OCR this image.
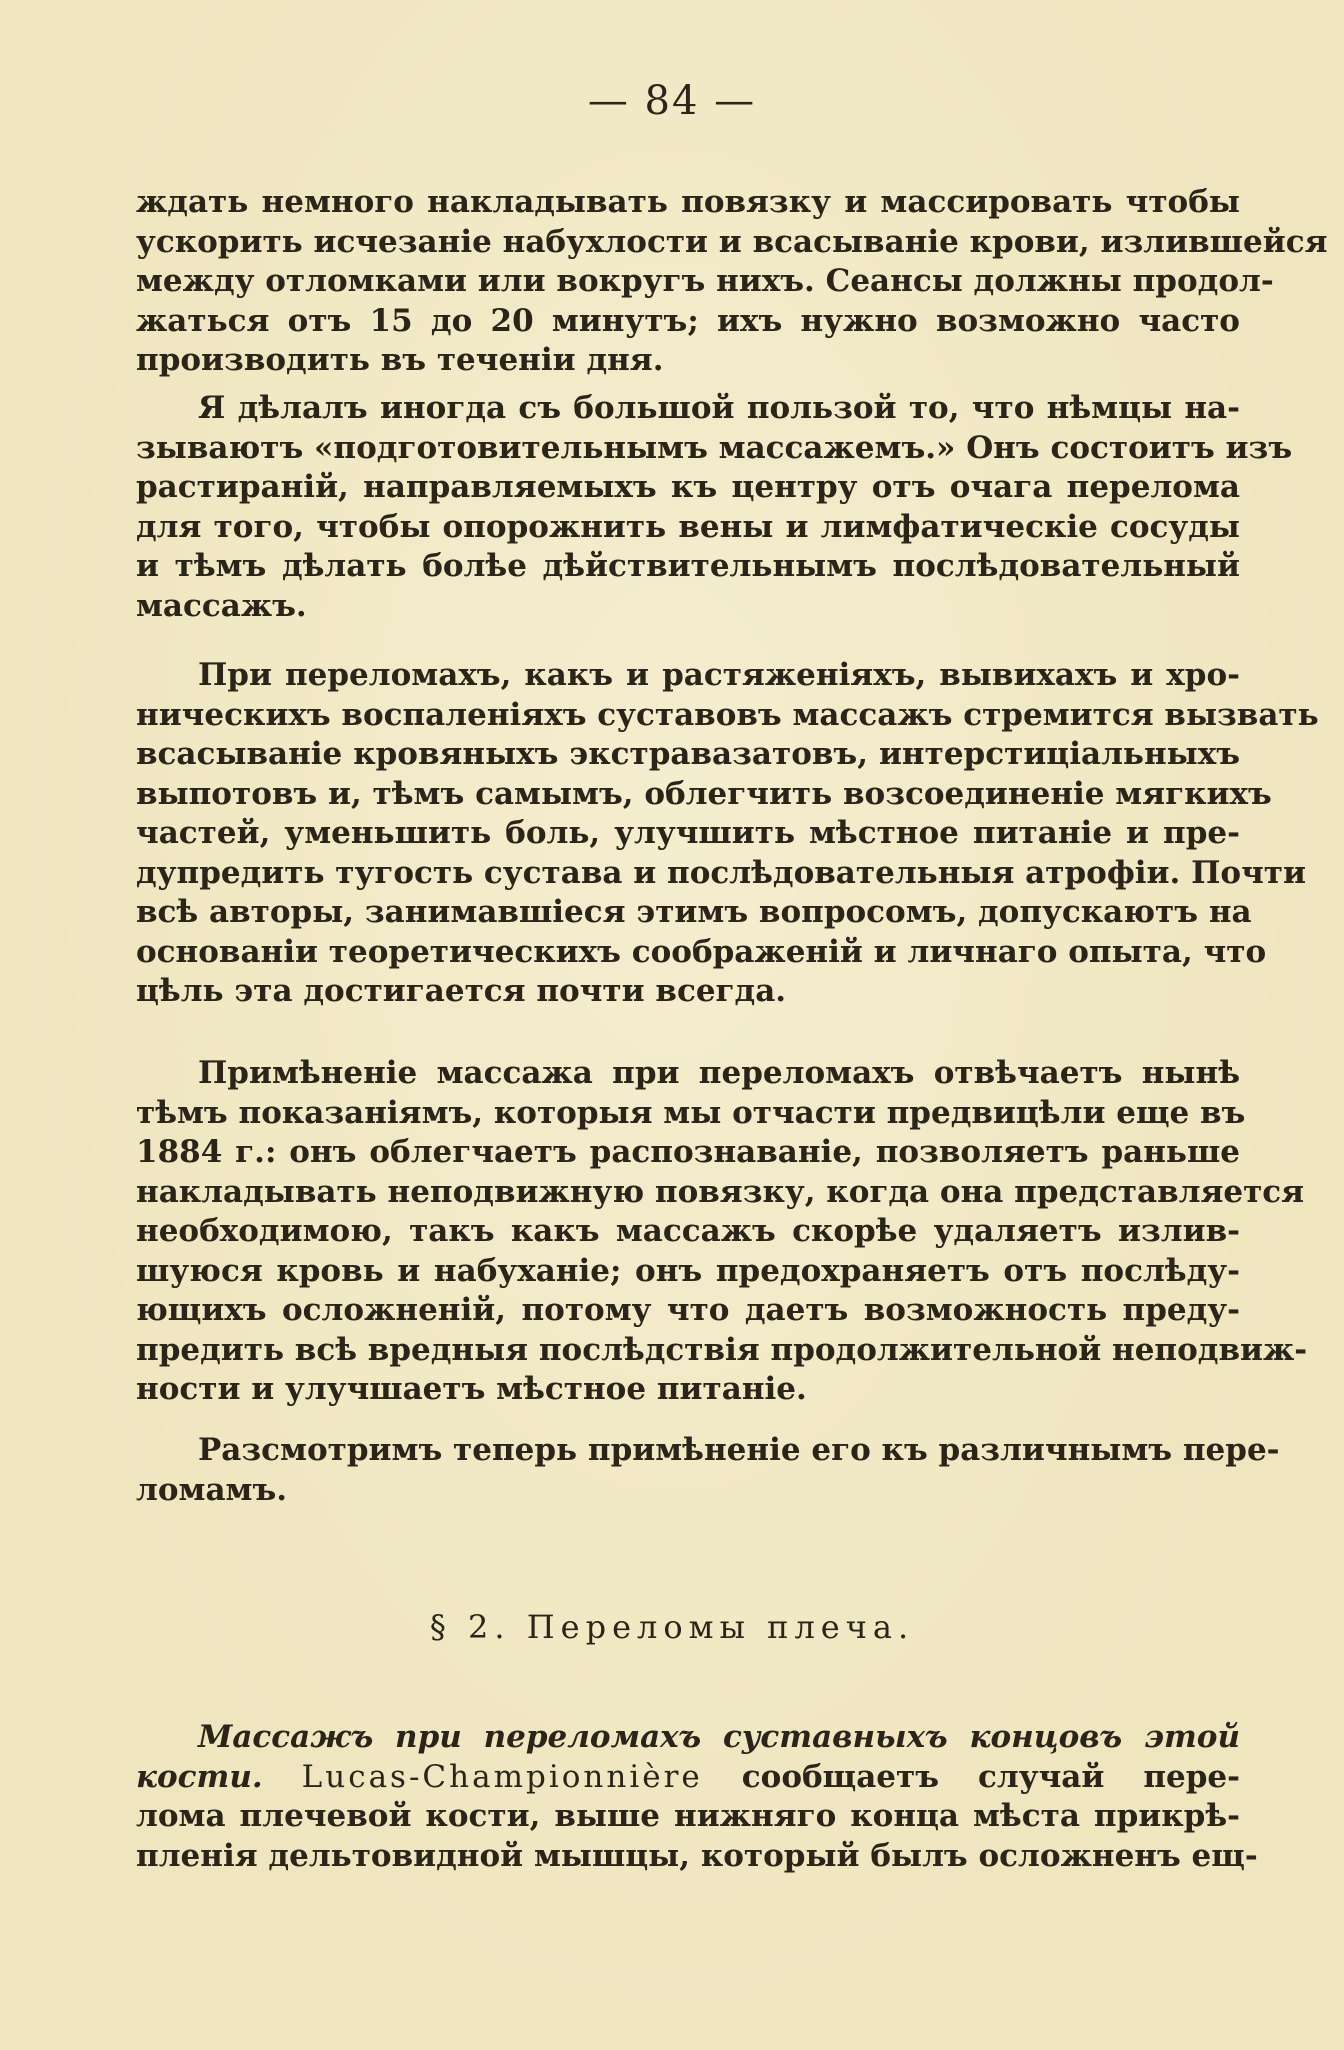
— 84 —
ждать немного накладывать повязку и массировать чтобы
ускорить исчезаніе набухлости и всасываніе крови, излившейся
между отломками или вокругъ нихъ. Сеансы должны продол-
жаться отъ 15 до 20 минутъ; ихъ нужно возможно часто
производить въ теченіи дня.
Я дѣлалъ иногда съ большой пользой то, что нѣмцы на-
зываютъ «подготовительнымъ массажемъ.» Онъ состоитъ изъ
растираній, направляемыхъ къ центру отъ очага перелома
для того, чтобы опорожнить вены и лимфатическіе сосуды
и тѣмъ дѣлать болѣе дѣйствительнымъ послѣдовательный
массажъ.
При переломахъ, какъ и растяженіяхъ, вывихахъ и хро-
ническихъ воспаленіяхъ суставовъ массажъ стремится вызвать
всасываніе кровяныхъ экстравазатовъ, интерстиціальныхъ
выпотовъ и, тѣмъ самымъ, облегчить возсоединеніе мягкихъ
частей, уменьшить боль, улучшить мѣстное питаніе и пре-
дупредить тугость сустава и послѣдовательныя атрофіи. Почти
всѣ авторы, занимавшіеся этимъ вопросомъ, допускаютъ на
основаніи теоретическихъ соображеній и личнаго опыта, что
цѣль эта достигается почти всегда.
Примѣненіе массажа при переломахъ отвѣчаетъ нынѣ
тѣмъ показаніямъ, которыя мы отчасти предвицѣли еще въ
1884 г.: онъ облегчаетъ распознаваніе, позволяетъ раньше
накладывать неподвижную повязку, когда она представляется
необходимою, такъ какъ массажъ скорѣе удаляетъ излив-
шуюся кровь и набуханіе; онъ предохраняетъ отъ послѣду-
ющихъ осложненій, потому что даетъ возможность преду-
предить всѣ вредныя послѣдствія продолжительной неподвиж-
ности и улучшаетъ мѣстное питаніе.
Разсмотримъ теперь примѣненіе его къ различнымъ пере-
ломамъ.
§ 2. Переломы плеча.
Массажъ при переломахъ суставныхъ концовъ этой
кости. Lucas-Championnière сообщаетъ случай пере-
лома плечевой кости, выше нижняго конца мѣста прикрѣ-
пленія дельтовидной мышцы, который былъ осложненъ ещ-
